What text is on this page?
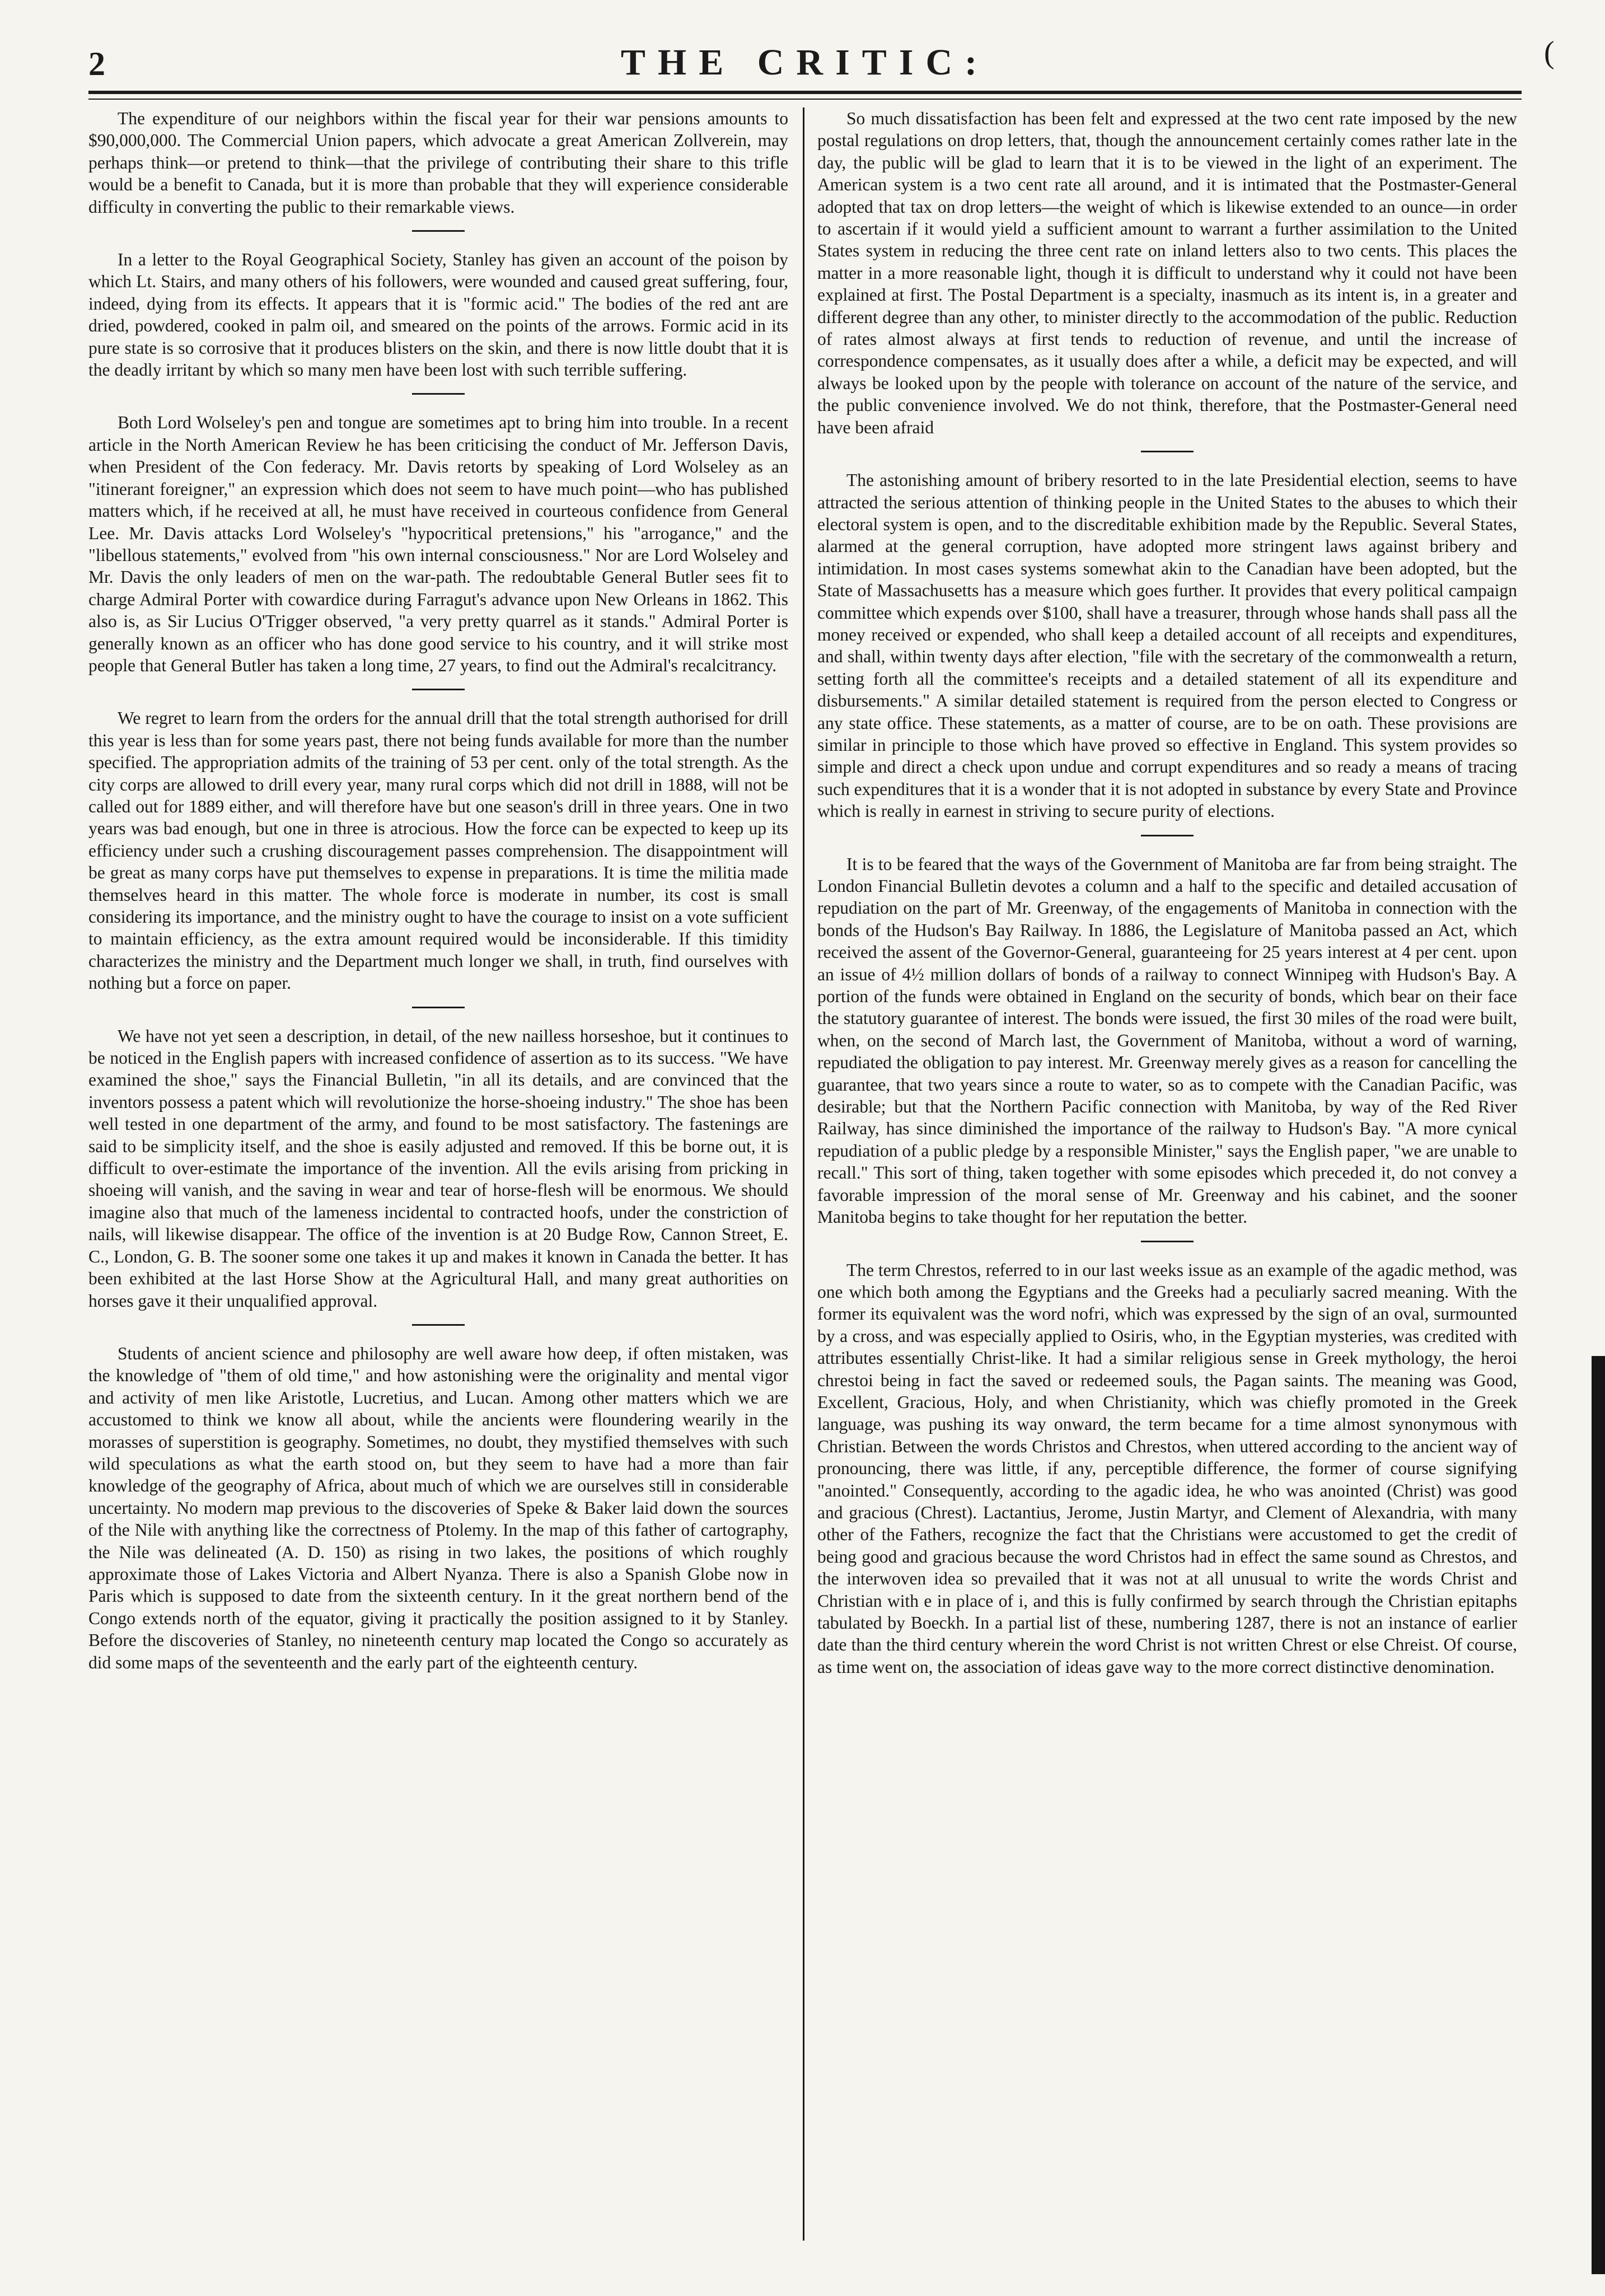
2	THE CRITIC:	(

The expenditure of our neighbors within the fiscal year for their war pensions amounts to $90,000,000. The Commercial Union papers, which advocate a great American Zollverein, may perhaps think—or pretend to think—that the privilege of contributing their share to this trifle would be a benefit to Canada, but it is more than probable that they will experience considerable difficulty in converting the public to their remarkable views.

In a letter to the Royal Geographical Society, Stanley has given an account of the poison by which Lt. Stairs, and many others of his followers, were wounded and caused great suffering, four, indeed, dying from its effects. It appears that it is "formic acid." The bodies of the red ant are dried, powdered, cooked in palm oil, and smeared on the points of the arrows. Formic acid in its pure state is so corrosive that it produces blisters on the skin, and there is now little doubt that it is the deadly irritant by which so many men have been lost with such terrible suffering.

Both Lord Wolseley's pen and tongue are sometimes apt to bring him into trouble. In a recent article in the North American Review he has been criticising the conduct of Mr. Jefferson Davis, when President of the Con federacy. Mr. Davis retorts by speaking of Lord Wolseley as an "itinerant foreigner," an expression which does not seem to have much point—who has published matters which, if he received at all, he must have received in courteous confidence from General Lee. Mr. Davis attacks Lord Wolseley's "hypocritical pretensions," his "arrogance," and the "libellous statements," evolved from "his own internal consciousness." Nor are Lord Wolseley and Mr. Davis the only leaders of men on the war-path. The redoubtable General Butler sees fit to charge Admiral Porter with cowardice during Farragut's advance upon New Orleans in 1862. This also is, as Sir Lucius O'Trigger observed, "a very pretty quarrel as it stands." Admiral Porter is generally known as an officer who has done good service to his country, and it will strike most people that General Butler has taken a long time, 27 years, to find out the Admiral's recalcitrancy.

We regret to learn from the orders for the annual drill that the total strength authorised for drill this year is less than for some years past, there not being funds available for more than the number specified. The appropriation admits of the training of 53 per cent. only of the total strength. As the city corps are allowed to drill every year, many rural corps which did not drill in 1888, will not be called out for 1889 either, and will therefore have but one season's drill in three years. One in two years was bad enough, but one in three is atrocious. How the force can be expected to keep up its efficiency under such a crushing discouragement passes comprehension. The disappointment will be great as many corps have put themselves to expense in preparations. It is time the militia made themselves heard in this matter. The whole force is moderate in number, its cost is small considering its importance, and the ministry ought to have the courage to insist on a vote sufficient to maintain efficiency, as the extra amount required would be inconsiderable. If this timidity characterizes the ministry and the Department much longer we shall, in truth, find ourselves with nothing but a force on paper.

We have not yet seen a description, in detail, of the new nailless horseshoe, but it continues to be noticed in the English papers with increased confidence of assertion as to its success. "We have examined the shoe," says the Financial Bulletin, "in all its details, and are convinced that the inventors possess a patent which will revolutionize the horse-shoeing industry." The shoe has been well tested in one department of the army, and found to be most satisfactory. The fastenings are said to be simplicity itself, and the shoe is easily adjusted and removed. If this be borne out, it is difficult to over-estimate the importance of the invention. All the evils arising from pricking in shoeing will vanish, and the saving in wear and tear of horse-flesh will be enormous. We should imagine also that much of the lameness incidental to contracted hoofs, under the constriction of nails, will likewise disappear. The office of the invention is at 20 Budge Row, Cannon Street, E. C., London, G. B. The sooner some one takes it up and makes it known in Canada the better. It has been exhibited at the last Horse Show at the Agricultural Hall, and many great authorities on horses gave it their unqualified approval.

Students of ancient science and philosophy are well aware how deep, if often mistaken, was the knowledge of "them of old time," and how astonishing were the originality and mental vigor and activity of men like Aristotle, Lucretius, and Lucan. Among other matters which we are accustomed to think we know all about, while the ancients were floundering wearily in the morasses of superstition is geography. Sometimes, no doubt, they mystified themselves with such wild speculations as what the earth stood on, but they seem to have had a more than fair knowledge of the geography of Africa, about much of which we are ourselves still in considerable uncertainty. No modern map previous to the discoveries of Speke & Baker laid down the sources of the Nile with anything like the correctness of Ptolemy. In the map of this father of cartography, the Nile was delineated (A. D. 150) as rising in two lakes, the positions of which roughly approximate those of Lakes Victoria and Albert Nyanza. There is also a Spanish Globe now in Paris which is supposed to date from the sixteenth century. In it the great northern bend of the Congo extends north of the equator, giving it practically the position assigned to it by Stanley. Before the discoveries of Stanley, no nineteenth century map located the Congo so accurately as did some maps of the seventeenth and the early part of the eighteenth century.

So much dissatisfaction has been felt and expressed at the two cent rate imposed by the new postal regulations on drop letters, that, though the announcement certainly comes rather late in the day, the public will be glad to learn that it is to be viewed in the light of an experiment. The American system is a two cent rate all around, and it is intimated that the Postmaster-General adopted that tax on drop letters—the weight of which is likewise extended to an ounce—in order to ascertain if it would yield a sufficient amount to warrant a further assimilation to the United States system in reducing the three cent rate on inland letters also to two cents. This places the matter in a more reasonable light, though it is difficult to understand why it could not have been explained at first. The Postal Department is a specialty, inasmuch as its intent is, in a greater and different degree than any other, to minister directly to the accommodation of the public. Reduction of rates almost always at first tends to reduction of revenue, and until the increase of correspondence compensates, as it usually does after a while, a deficit may be expected, and will always be looked upon by the people with tolerance on account of the nature of the service, and the public convenience involved. We do not think, therefore, that the Postmaster-General need have been afraid

The astonishing amount of bribery resorted to in the late Presidential election, seems to have attracted the serious attention of thinking people in the United States to the abuses to which their electoral system is open, and to the discreditable exhibition made by the Republic. Several States, alarmed at the general corruption, have adopted more stringent laws against bribery and intimidation. In most cases systems somewhat akin to the Canadian have been adopted, but the State of Massachusetts has a measure which goes further. It provides that every political campaign committee which expends over $100, shall have a treasurer, through whose hands shall pass all the money received or expended, who shall keep a detailed account of all receipts and expenditures, and shall, within twenty days after election, "file with the secretary of the commonwealth a return, setting forth all the committee's receipts and a detailed statement of all its expenditure and disbursements." A similar detailed statement is required from the person elected to Congress or any state office. These statements, as a matter of course, are to be on oath. These provisions are similar in principle to those which have proved so effective in England. This system provides so simple and direct a check upon undue and corrupt expenditures and so ready a means of tracing such expenditures that it is a wonder that it is not adopted in substance by every State and Province which is really in earnest in striving to secure purity of elections.

It is to be feared that the ways of the Government of Manitoba are far from being straight. The London Financial Bulletin devotes a column and a half to the specific and detailed accusation of repudiation on the part of Mr. Greenway, of the engagements of Manitoba in connection with the bonds of the Hudson's Bay Railway. In 1886, the Legislature of Manitoba passed an Act, which received the assent of the Governor-General, guaranteeing for 25 years interest at 4 per cent. upon an issue of 4½ million dollars of bonds of a railway to connect Winnipeg with Hudson's Bay. A portion of the funds were obtained in England on the security of bonds, which bear on their face the statutory guarantee of interest. The bonds were issued, the first 30 miles of the road were built, when, on the second of March last, the Government of Manitoba, without a word of warning, repudiated the obligation to pay interest. Mr. Greenway merely gives as a reason for cancelling the guarantee, that two years since a route to water, so as to compete with the Canadian Pacific, was desirable; but that the Northern Pacific connection with Manitoba, by way of the Red River Railway, has since diminished the importance of the railway to Hudson's Bay. "A more cynical repudiation of a public pledge by a responsible Minister," says the English paper, "we are unable to recall." This sort of thing, taken together with some episodes which preceded it, do not convey a favorable impression of the moral sense of Mr. Greenway and his cabinet, and the sooner Manitoba begins to take thought for her reputation the better.

The term Chrestos, referred to in our last weeks issue as an example of the agadic method, was one which both among the Egyptians and the Greeks had a peculiarly sacred meaning. With the former its equivalent was the word nofri, which was expressed by the sign of an oval, surmounted by a cross, and was especially applied to Osiris, who, in the Egyptian mysteries, was credited with attributes essentially Christ-like. It had a similar religious sense in Greek mythology, the heroi chrestoi being in fact the saved or redeemed souls, the Pagan saints. The meaning was Good, Excellent, Gracious, Holy, and when Christianity, which was chiefly promoted in the Greek language, was pushing its way onward, the term became for a time almost synonymous with Christian. Between the words Christos and Chrestos, when uttered according to the ancient way of pronouncing, there was little, if any, perceptible difference, the former of course signifying "anointed." Consequently, according to the agadic idea, he who was anointed (Christ) was good and gracious (Chrest). Lactantius, Jerome, Justin Martyr, and Clement of Alexandria, with many other of the Fathers, recognize the fact that the Christians were accustomed to get the credit of being good and gracious because the word Christos had in effect the same sound as Chrestos, and the interwoven idea so prevailed that it was not at all unusual to write the words Christ and Christian with e in place of i, and this is fully confirmed by search through the Christian epitaphs tabulated by Boeckh. In a partial list of these, numbering 1287, there is not an instance of earlier date than the third century wherein the word Christ is not written Chrest or else Chreist. Of course, as time went on, the association of ideas gave way to the more correct distinctive denomination.
